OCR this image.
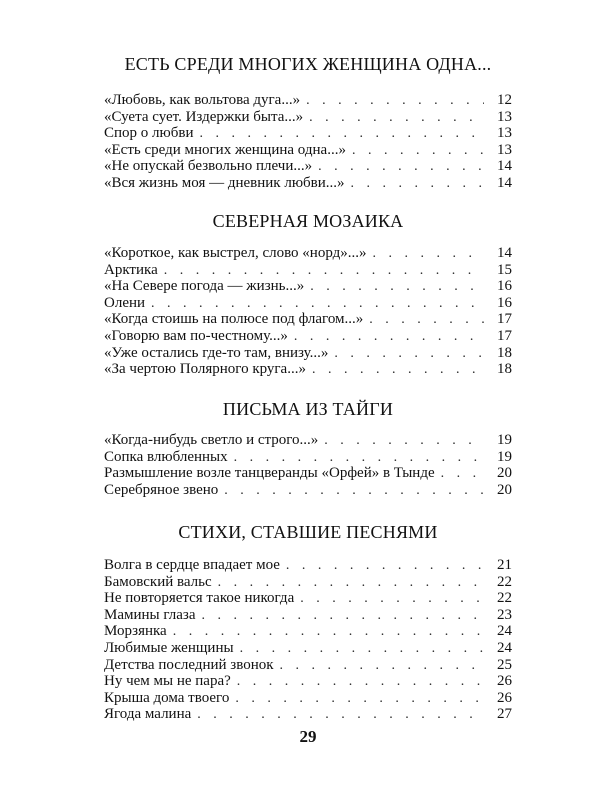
ЕСТЬ СРЕДИ МНОГИХ ЖЕНЩИНА ОДНА...
«Любовь, как вольтова дуга...» . . .	12
«Суета сует. Издержки быта...» . . .	13
Спор о любви . . .	13
«Есть среди многих женщина одна...» . . .	13
«Не опускай безвольно плечи...» . . .	14
«Вся жизнь моя — дневник любви...» . . .	14
СЕВЕРНАЯ МОЗАИКА
«Короткое, как выстрел, слово «норд»...» . . .	14
Арктика . . .	15
«На Севере погода — жизнь...» . . .	16
Олени . . .	16
«Когда стоишь на полюсе под флагом...» . . .	17
«Говорю вам по-честному...» . . .	17
«Уже остались где-то там, внизу...» . . .	18
«За чертою Полярного круга...» . . .	18
ПИСЬМА ИЗ ТАЙГИ
«Когда-нибудь светло и строго...» . . .	19
Сопка влюбленных . . .	19
Размышление возле танцверанды «Орфей» в Тынде . . .	20
Серебряное звено . . .	20
СТИХИ, СТАВШИЕ ПЕСНЯМИ
Волга в сердце впадает мое . . .	21
Бамовский вальс . . .	22
Не повторяется такое никогда . . .	22
Мамины глаза . . .	23
Морзянка . . .	24
Любимые женщины . . .	24
Детства последний звонок . . .	25
Ну чем мы не пара? . . .	26
Крыша дома твоего . . .	26
Ягода малина . . .	27
29
